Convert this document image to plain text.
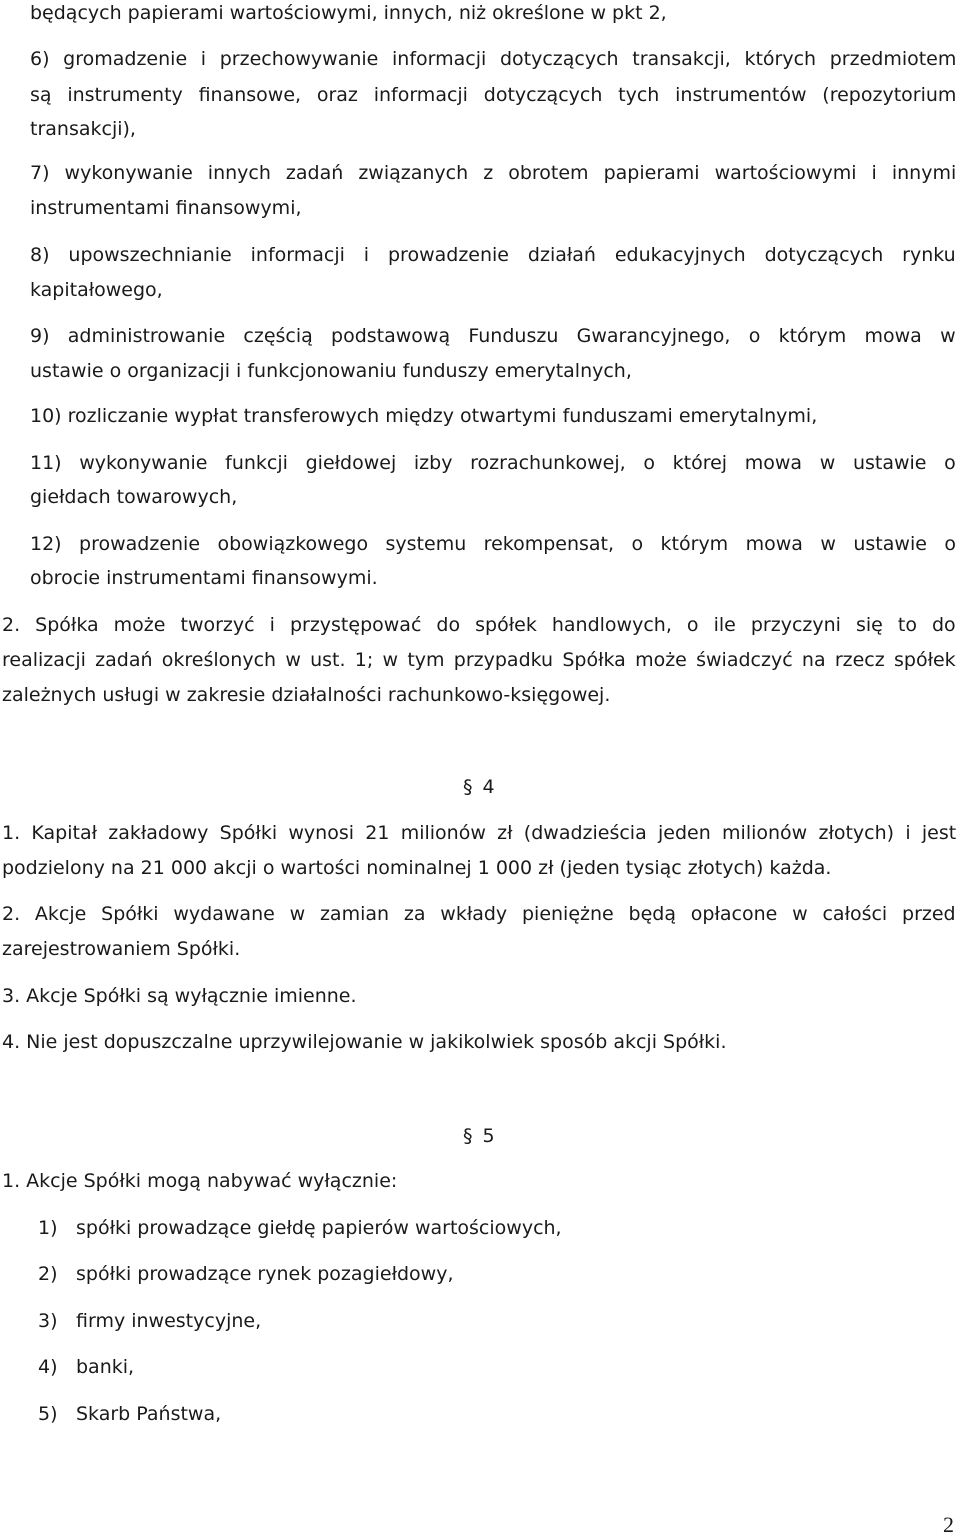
będących papierami wartościowymi, innych, niż określone w pkt 2,
6) gromadzenie i przechowywanie informacji dotyczących transakcji, których przedmiotem
są instrumenty finansowe, oraz informacji dotyczących tych instrumentów (repozytorium
transakcji),
7) wykonywanie innych zadań związanych z obrotem papierami wartościowymi i innymi
instrumentami finansowymi,
8) upowszechnianie informacji i prowadzenie działań edukacyjnych dotyczących rynku
kapitałowego,
9) administrowanie częścią podstawową Funduszu Gwarancyjnego, o którym mowa w
ustawie o organizacji i funkcjonowaniu funduszy emerytalnych,
10) rozliczanie wypłat transferowych między otwartymi funduszami emerytalnymi,
11) wykonywanie funkcji giełdowej izby rozrachunkowej, o której mowa w ustawie o
giełdach towarowych,
12) prowadzenie obowiązkowego systemu rekompensat, o którym mowa w ustawie o
obrocie instrumentami finansowymi.
2. Spółka może tworzyć i przystępować do spółek handlowych, o ile przyczyni się to do
realizacji zadań określonych w ust. 1; w tym przypadku Spółka może świadczyć na rzecz spółek
zależnych usługi w zakresie działalności rachunkowo-księgowej.
§ 4
1. Kapitał zakładowy Spółki wynosi 21 milionów zł (dwadzieścia jeden milionów złotych) i jest
podzielony na 21 000 akcji o wartości nominalnej 1 000 zł (jeden tysiąc złotych) każda.
2. Akcje Spółki wydawane w zamian za wkłady pieniężne będą opłacone w całości przed
zarejestrowaniem Spółki.
3. Akcje Spółki są wyłącznie imienne.
4. Nie jest dopuszczalne uprzywilejowanie w jakikolwiek sposób akcji Spółki.
§ 5
1. Akcje Spółki mogą nabywać wyłącznie:
1) spółki prowadzące giełdę papierów wartościowych,
2) spółki prowadzące rynek pozagiełdowy,
3) firmy inwestycyjne,
4) banki,
5) Skarb Państwa,
2
